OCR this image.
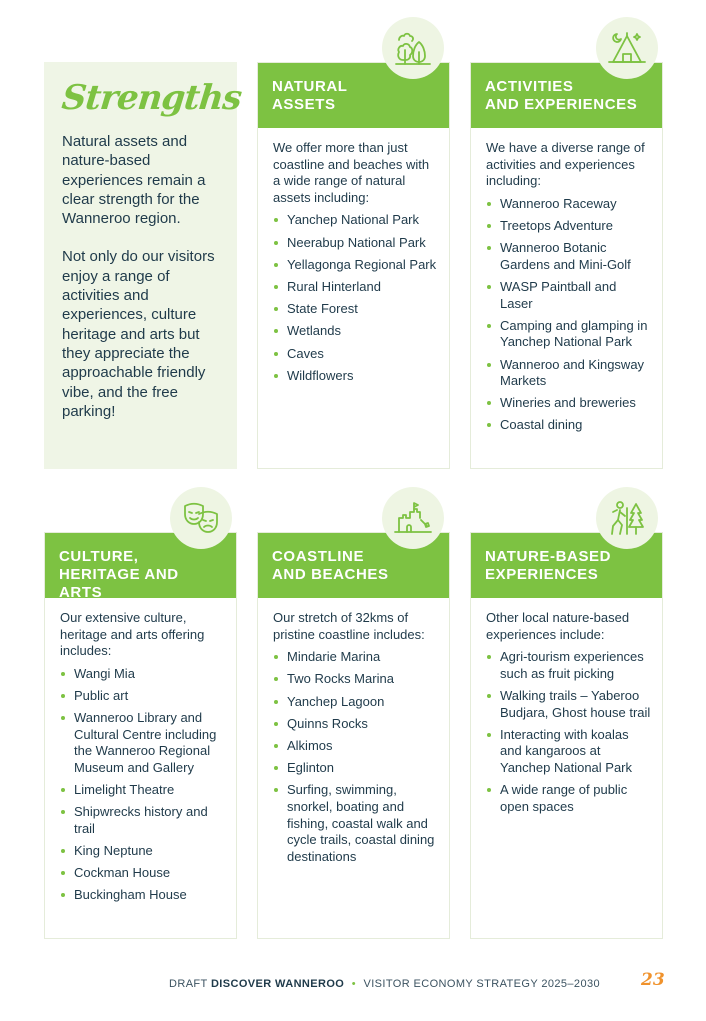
Strengths

Natural assets and nature-based experiences remain a clear strength for the Wanneroo region.

Not only do our visitors enjoy a range of activities and experiences, culture heritage and arts but they appreciate the approachable friendly vibe, and the free parking!

NATURAL
ASSETS
We offer more than just coastline and beaches with a wide range of natural assets including:
Yanchep National Park
Neerabup National Park
Yellagonga Regional Park
Rural Hinterland
State Forest
Wetlands
Caves
Wildflowers
ACTIVITIES
AND EXPERIENCES
We have a diverse range of activities and experiences including:
Wanneroo Raceway
Treetops Adventure
Wanneroo Botanic Gardens and Mini-Golf
WASP Paintball and Laser
Camping and glamping in Yanchep National Park
Wanneroo and Kingsway Markets
Wineries and breweries
Coastal dining
CULTURE,
HERITAGE AND ARTS
Our extensive culture, heritage and arts offering includes:
Wangi Mia
Public art
Wanneroo Library and Cultural Centre including the Wanneroo Regional Museum and Gallery
Limelight Theatre
Shipwrecks history and trail
King Neptune
Cockman House
Buckingham House
COASTLINE
AND BEACHES
Our stretch of 32kms of pristine coastline includes:
Mindarie Marina
Two Rocks Marina
Yanchep Lagoon
Quinns Rocks
Alkimos
Eglinton
Surfing, swimming, snorkel, boating and fishing, coastal walk and cycle trails, coastal dining destinations
NATURE-BASED
EXPERIENCES
Other local nature-based experiences include:
Agri-tourism experiences such as fruit picking
Walking trails – Yaberoo Budjara, Ghost house trail
Interacting with koalas and kangaroos at Yanchep National Park
A wide range of public open spaces
DRAFT DISCOVER WANNEROO • VISITOR ECONOMY STRATEGY 2025–2030 23
